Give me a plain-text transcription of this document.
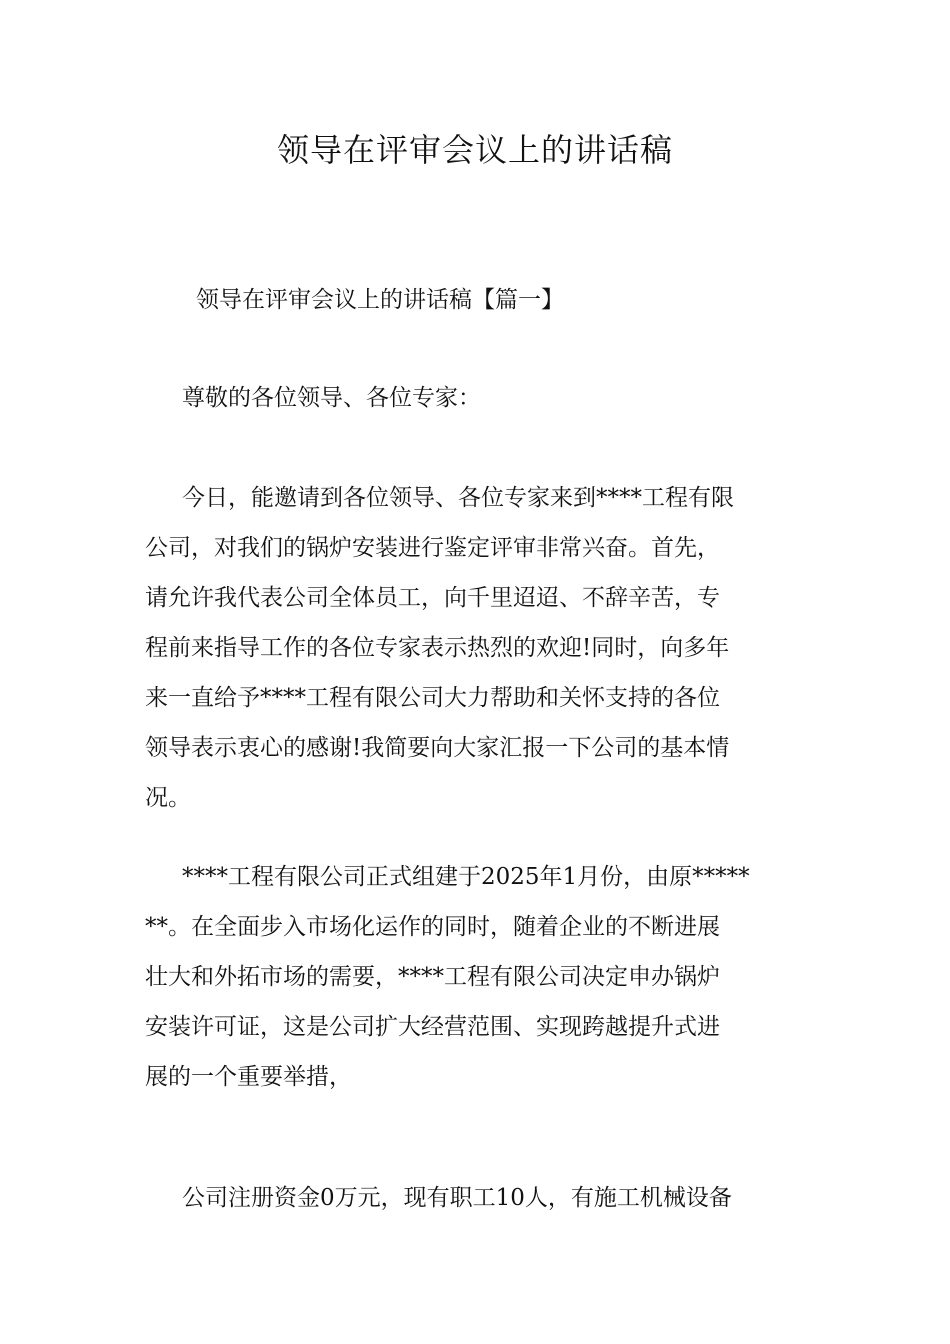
领导在评审会议上的讲话稿
领导在评审会议上的讲话稿【篇一】

尊敬的各位领导、各位专家：

今日，能邀请到各位领导、各位专家来到****工程有限
公司，对我们的锅炉安装进行鉴定评审非常兴奋。首先，
请允许我代表公司全体员工，向千里迢迢、不辞辛苦，专
程前来指导工作的各位专家表示热烈的欢迎!同时，向多年
来一直给予****工程有限公司大力帮助和关怀支持的各位
领导表示衷心的感谢!我简要向大家汇报一下公司的基本情
况。
****工程有限公司正式组建于2025年1月份，由原*****
**。在全面步入市场化运作的同时，随着企业的不断进展
壮大和外拓市场的需要，****工程有限公司决定申办锅炉
安装许可证，这是公司扩大经营范围、实现跨越提升式进
展的一个重要举措，
公司注册资金0万元，现有职工10人，有施工机械设备
